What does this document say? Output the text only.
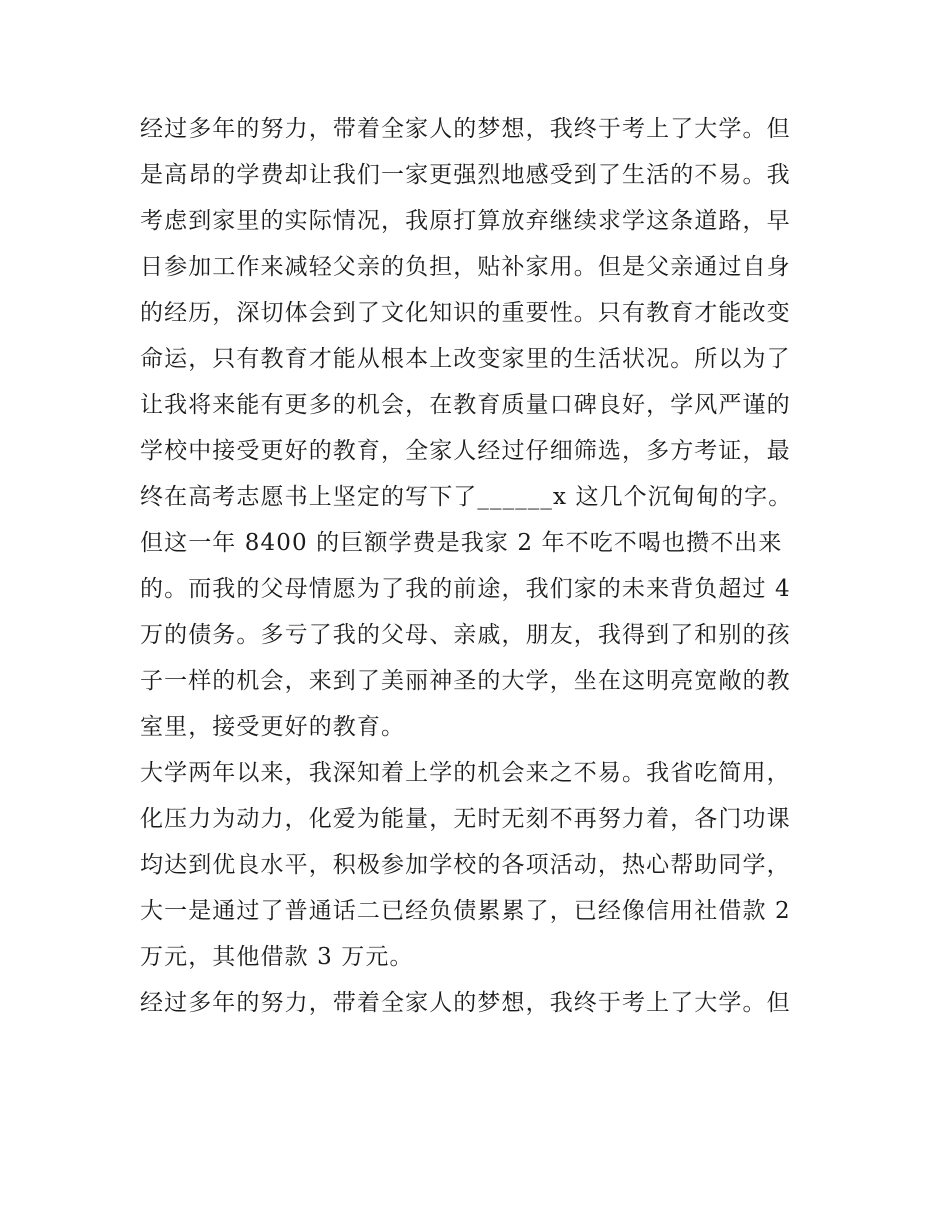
经过多年的努力，带着全家人的梦想，我终于考上了大学。但
是高昂的学费却让我们一家更强烈地感受到了生活的不易。我
考虑到家里的实际情况，我原打算放弃继续求学这条道路，早
日参加工作来减轻父亲的负担，贴补家用。但是父亲通过自身
的经历，深切体会到了文化知识的重要性。只有教育才能改变
命运，只有教育才能从根本上改变家里的生活状况。所以为了
让我将来能有更多的机会，在教育质量口碑良好，学风严谨的
学校中接受更好的教育，全家人经过仔细筛选，多方考证，最
终在高考志愿书上坚定的写下了______x 这几个沉甸甸的字。
但这一年 8400 的巨额学费是我家 2 年不吃不喝也攒不出来
的。而我的父母情愿为了我的前途，我们家的未来背负超过 4
万的债务。多亏了我的父母、亲戚，朋友，我得到了和别的孩
子一样的机会，来到了美丽神圣的大学，坐在这明亮宽敞的教
室里，接受更好的教育。
大学两年以来，我深知着上学的机会来之不易。我省吃简用，
化压力为动力，化爱为能量，无时无刻不再努力着，各门功课
均达到优良水平，积极参加学校的各项活动，热心帮助同学，
大一是通过了普通话二已经负债累累了，已经像信用社借款 2
万元，其他借款 3 万元。
经过多年的努力，带着全家人的梦想，我终于考上了大学。但
